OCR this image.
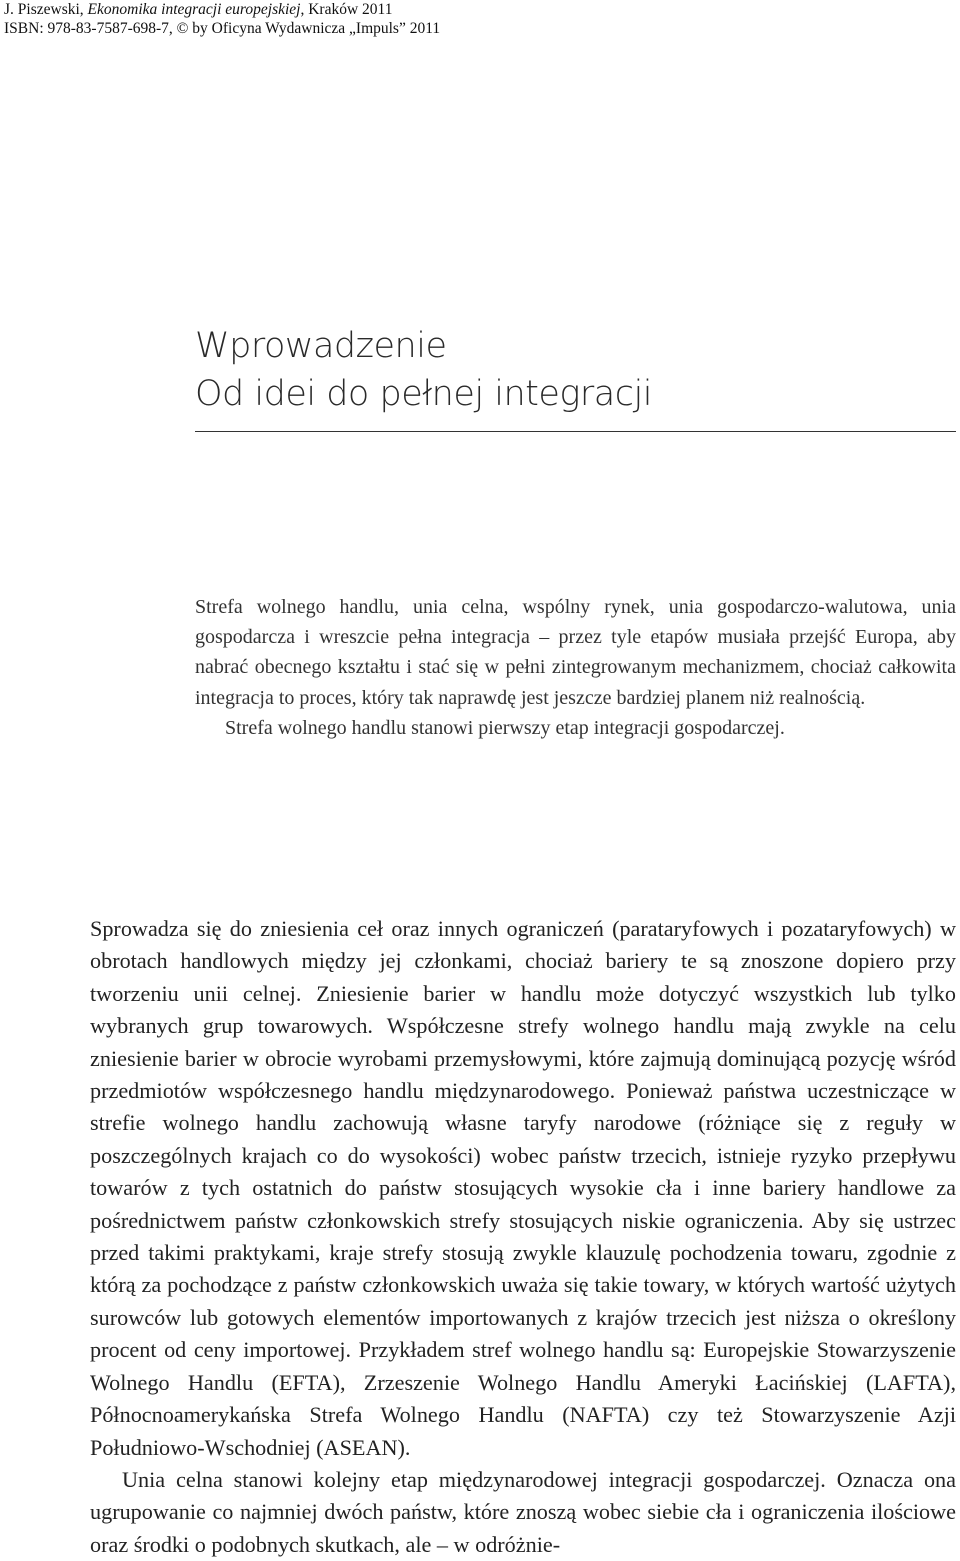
J. Piszewski, Ekonomika integracji europejskiej, Kraków 2011
ISBN: 978-83-7587-698-7, © by Oficyna Wydawnicza „Impuls” 2011
Wprowadzenie
Od idei do pełnej integracji

Strefa wolnego handlu, unia celna, wspólny rynek, unia gospodarczo-walutowa, unia gospodarcza i wreszcie pełna integracja – przez tyle etapów musiała przejść Europa, aby nabrać obecnego kształtu i stać się w pełni zintegrowanym mechanizmem, chociaż całkowita integracja to proces, który tak naprawdę jest jeszcze bardziej planem niż realnością.

Strefa wolnego handlu stanowi pierwszy etap integracji gospodarczej.

Sprowadza się do zniesienia ceł oraz innych ograniczeń (parataryfowych i pozataryfowych) w obrotach handlowych między jej członkami, chociaż bariery te są znoszone dopiero przy tworzeniu unii celnej. Zniesienie barier w handlu może dotyczyć wszystkich lub tylko wybranych grup towarowych. Współczesne strefy wolnego handlu mają zwykle na celu zniesienie barier w obrocie wyrobami przemysłowymi, które zajmują dominującą pozycję wśród przedmiotów współczesnego handlu międzynarodowego. Ponieważ państwa uczestniczące w strefie wolnego handlu zachowują własne taryfy narodowe (różniące się z reguły w poszczególnych krajach co do wysokości) wobec państw trzecich, istnieje ryzyko przepływu towarów z tych ostatnich do państw stosujących wysokie cła i inne bariery handlowe za pośrednictwem państw członkowskich strefy stosujących niskie ograniczenia. Aby się ustrzec przed takimi praktykami, kraje strefy stosują zwykle klauzulę pochodzenia towaru, zgodnie z którą za pochodzące z państw członkowskich uważa się takie towary, w których wartość użytych surowców lub gotowych elementów importowanych z krajów trzecich jest niższa o określony procent od ceny importowej. Przykładem stref wolnego handlu są: Europejskie Stowarzyszenie Wolnego Handlu (EFTA), Zrzeszenie Wolnego Handlu Ameryki Łacińskiej (LAFTA), Północnoamerykańska Strefa Wolnego Handlu (NAFTA) czy też Stowarzyszenie Azji Południowo-Wschodniej (ASEAN).

Unia celna stanowi kolejny etap międzynarodowej integracji gospodarczej. Oznacza ona ugrupowanie co najmniej dwóch państw, które znoszą wobec siebie cła i ograniczenia ilościowe oraz środki o podobnych skutkach, ale – w odróżnie-
